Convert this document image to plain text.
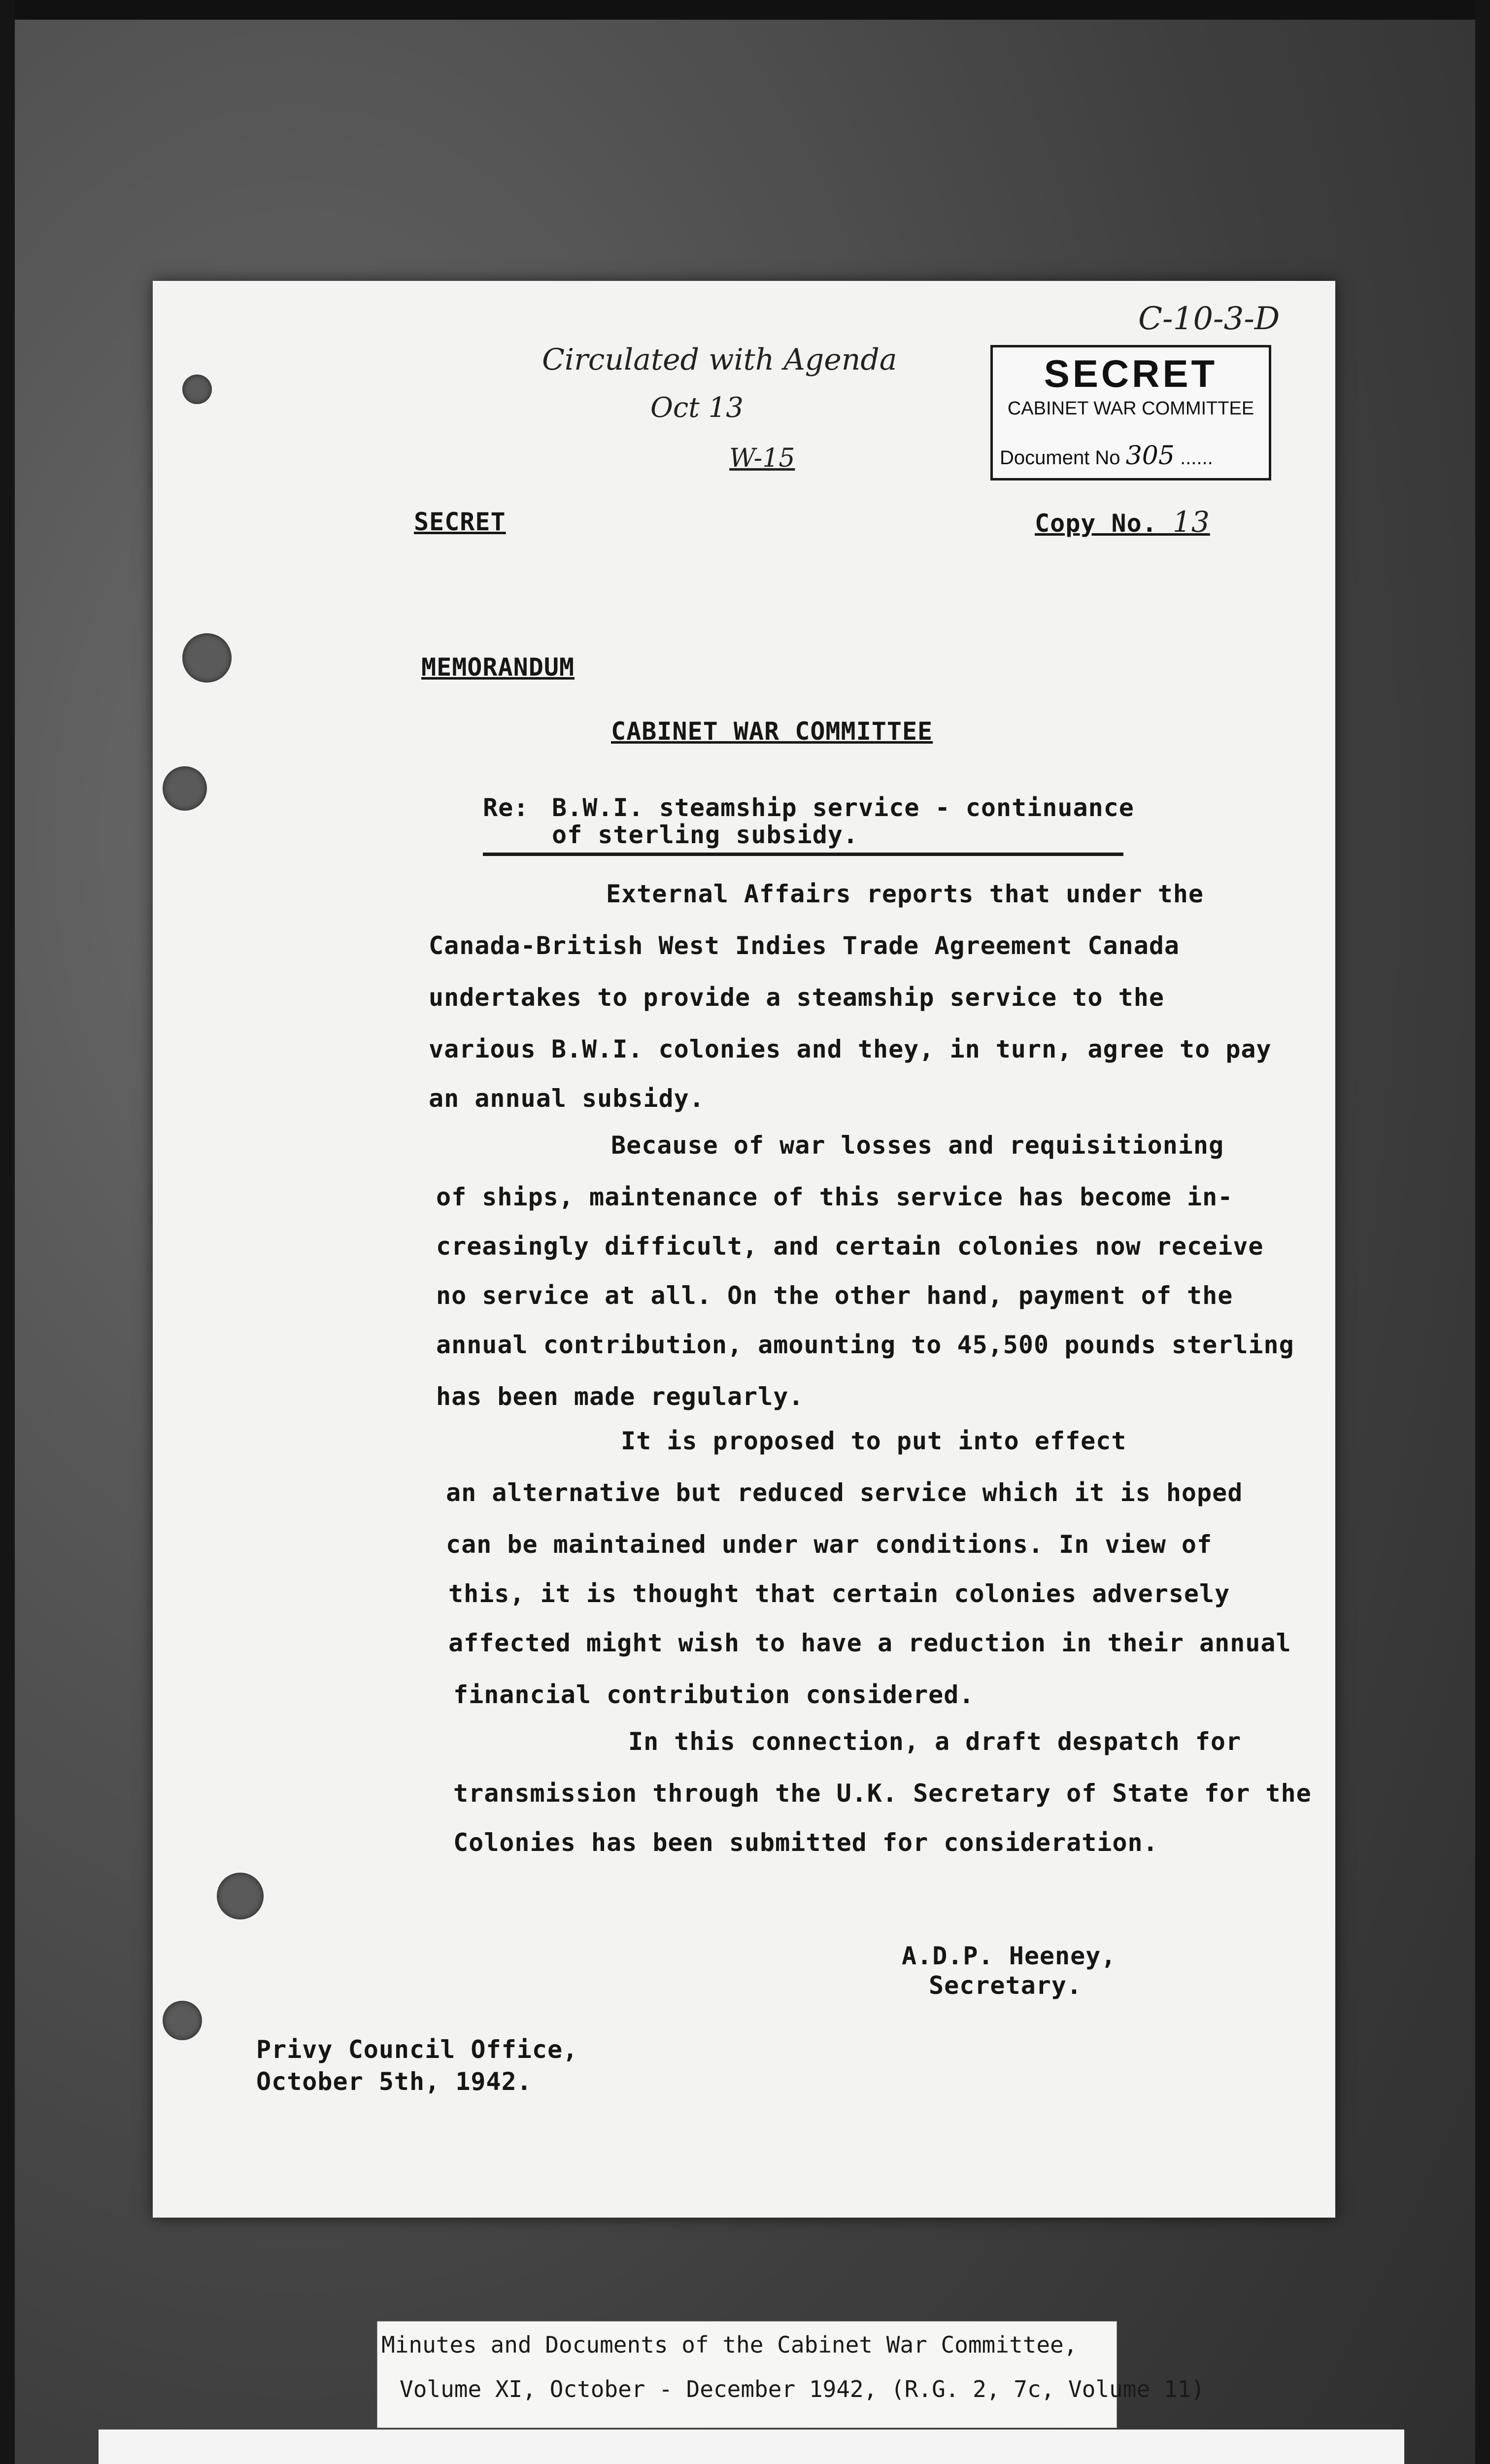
C-10-3-D
Circulated with Agenda
Oct 13
W-15
SECRET
CABINET WAR COMMITTEE
Document No 305 ......
SECRET	Copy No. 13
MEMORANDUM
CABINET WAR COMMITTEE
Re: B.W.I. steamship service - continuance
of sterling subsidy.
External Affairs reports that under the
Canada-British West Indies Trade Agreement Canada
undertakes to provide a steamship service to the
various B.W.I. colonies and they, in turn, agree to pay
an annual subsidy.
Because of war losses and requisitioning
of ships, maintenance of this service has become in-
creasingly difficult, and certain colonies now receive
no service at all. On the other hand, payment of the
annual contribution, amounting to 45,500 pounds sterling
has been made regularly.
It is proposed to put into effect
an alternative but reduced service which it is hoped
can be maintained under war conditions. In view of
this, it is thought that certain colonies adversely
affected might wish to have a reduction in their annual
financial contribution considered.
In this connection, a draft despatch for
transmission through the U.K. Secretary of State for the
Colonies has been submitted for consideration.
A.D.P. Heeney,
Secretary.
Privy Council Office,
October 5th, 1942.
Minutes and Documents of the Cabinet War Committee,
Volume XI, October - December 1942, (R.G. 2, 7c, Volume 11)
